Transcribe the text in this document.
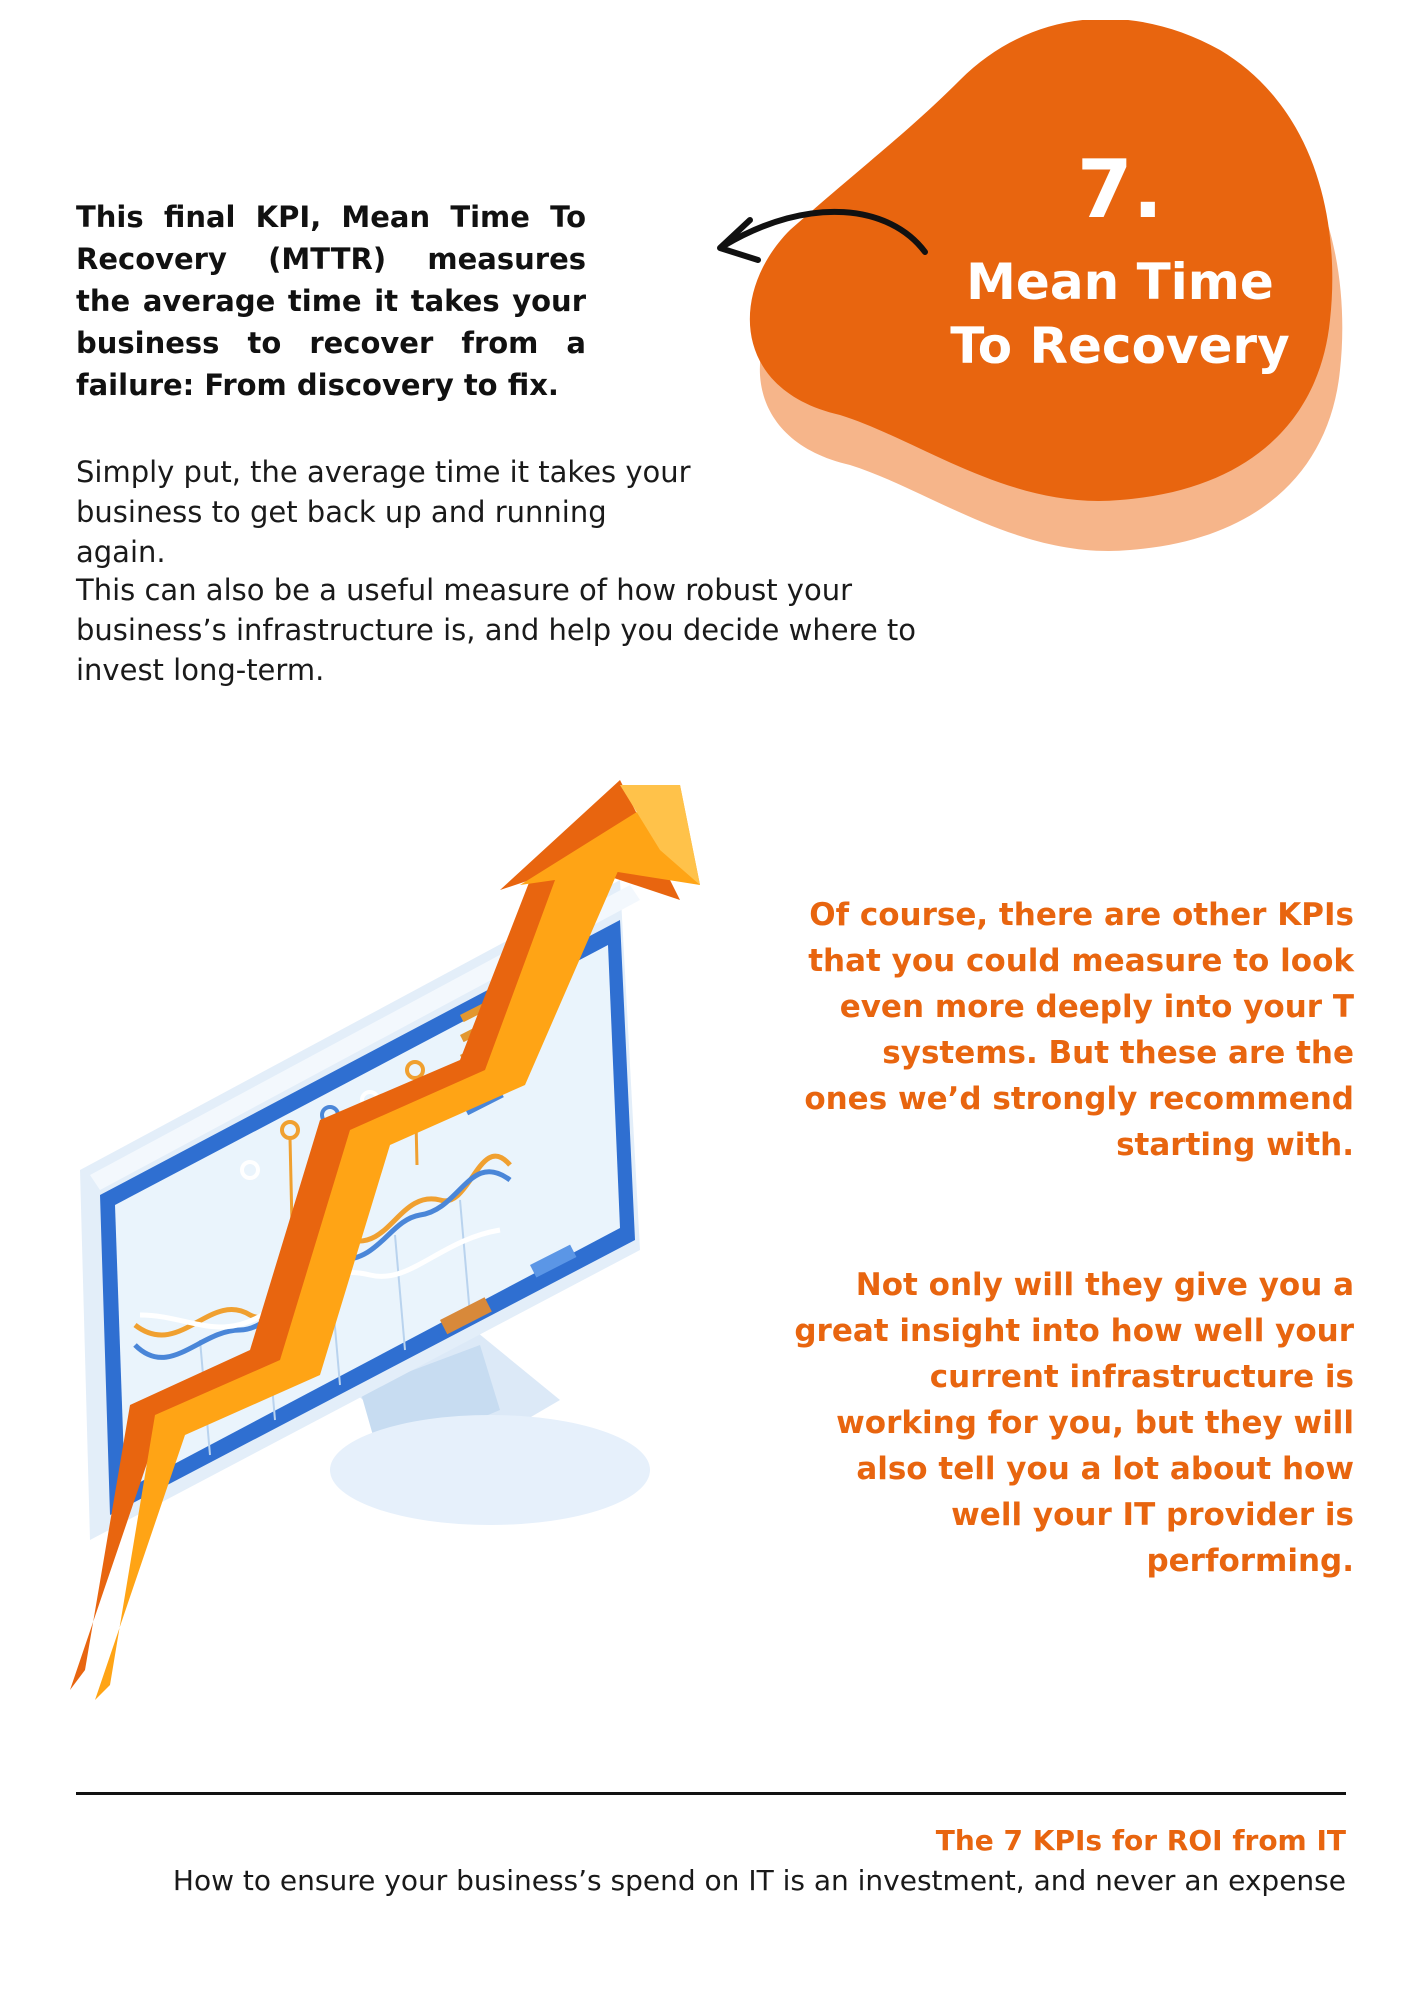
7.
Mean Time
To Recovery
This final KPI, Mean Time To Recovery (MTTR) measures the average time it takes your business to recover from a failure: From discovery to fix.
Simply put, the average time it takes your business to get back up and running again.
This can also be a useful measure of how robust your business’s infrastructure is, and help you decide where to invest long-term.
Of course, there are other KPIs that you could measure to look even more deeply into your T systems. But these are the ones we’d strongly recommend starting with.
Not only will they give you a great insight into how well your current infrastructure is working for you, but they will also tell you a lot about how well your IT provider is performing.
The 7 KPIs for ROI from IT
How to ensure your business’s spend on IT is an investment, and never an expense
